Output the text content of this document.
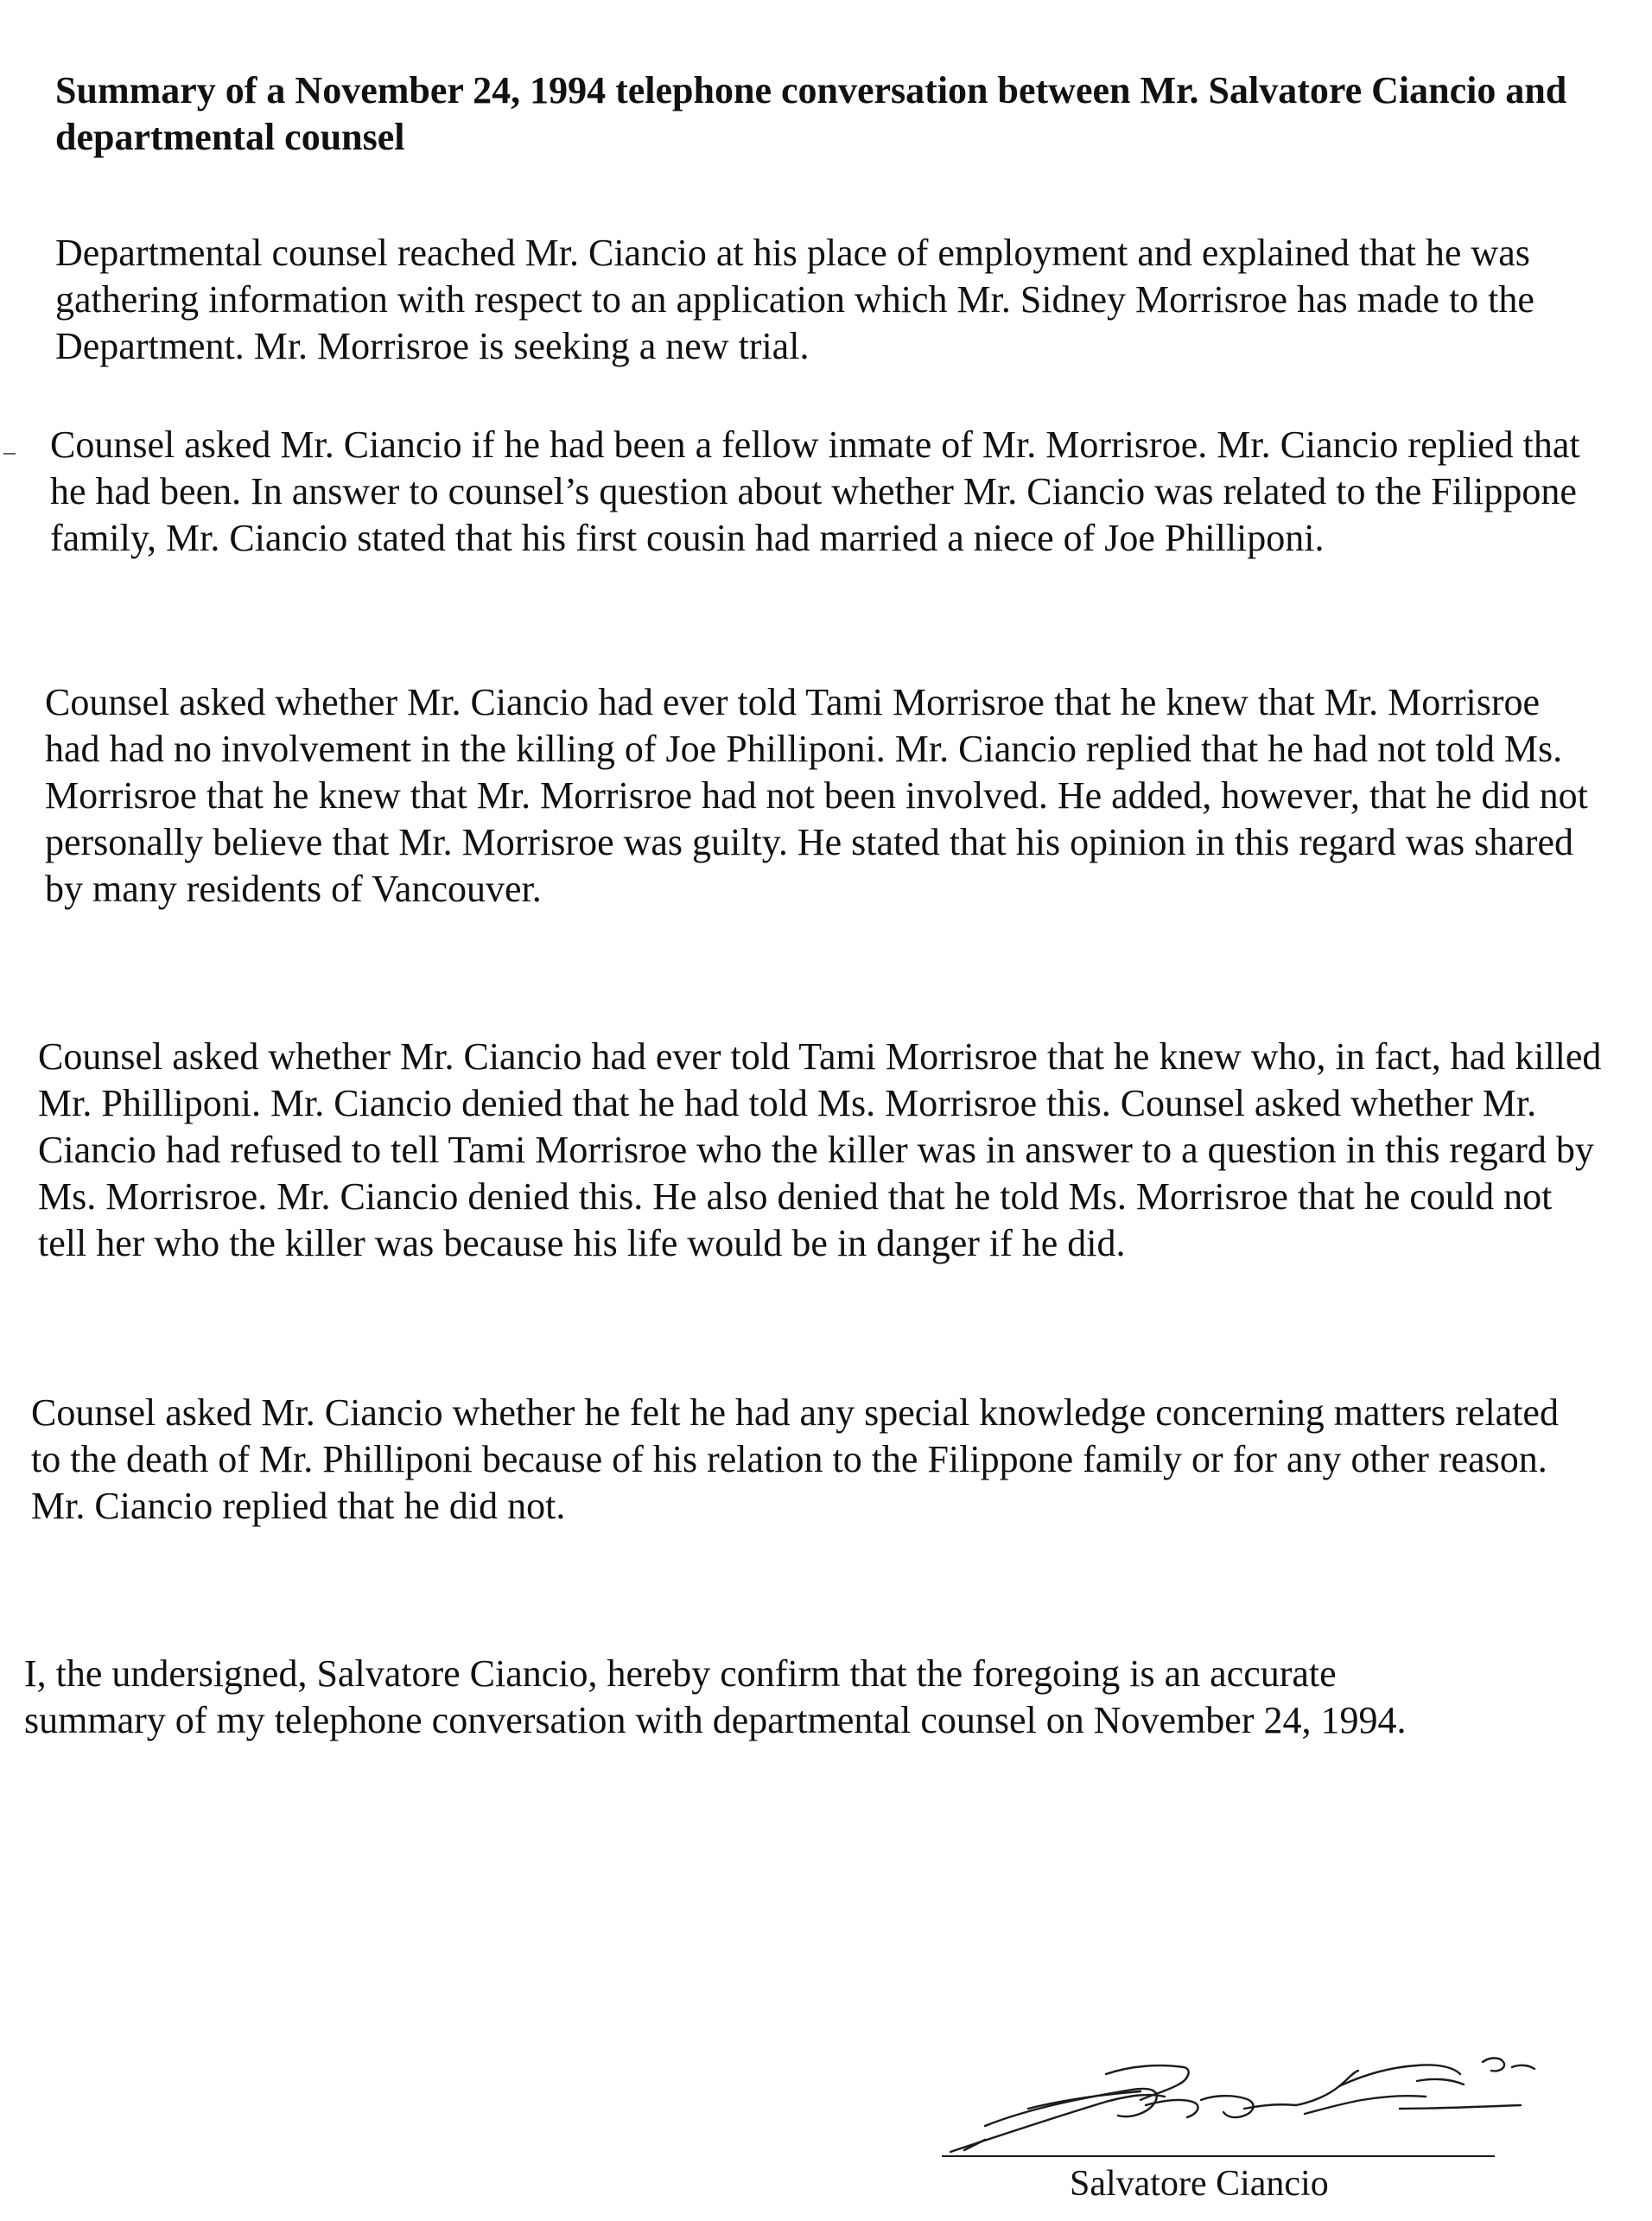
Summary of a November 24, 1994 telephone conversation between Mr. Salvatore Ciancio and departmental counsel

Departmental counsel reached Mr. Ciancio at his place of employment and explained that he was gathering information with respect to an application which Mr. Sidney Morrisroe has made to the Department. Mr. Morrisroe is seeking a new trial.

Counsel asked Mr. Ciancio if he had been a fellow inmate of Mr. Morrisroe. Mr. Ciancio replied that he had been. In answer to counsel’s question about whether Mr. Ciancio was related to the Filippone family, Mr. Ciancio stated that his first cousin had married a niece of Joe Philliponi.

Counsel asked whether Mr. Ciancio had ever told Tami Morrisroe that he knew that Mr. Morrisroe had had no involvement in the killing of Joe Philliponi. Mr. Ciancio replied that he had not told Ms. Morrisroe that he knew that Mr. Morrisroe had not been involved. He added, however, that he did not personally believe that Mr. Morrisroe was guilty. He stated that his opinion in this regard was shared by many residents of Vancouver.

Counsel asked whether Mr. Ciancio had ever told Tami Morrisroe that he knew who, in fact, had killed Mr. Philliponi. Mr. Ciancio denied that he had told Ms. Morrisroe this. Counsel asked whether Mr. Ciancio had refused to tell Tami Morrisroe who the killer was in answer to a question in this regard by Ms. Morrisroe. Mr. Ciancio denied this. He also denied that he told Ms. Morrisroe that he could not tell her who the killer was because his life would be in danger if he did.

Counsel asked Mr. Ciancio whether he felt he had any special knowledge concerning matters related to the death of Mr. Philliponi because of his relation to the Filippone family or for any other reason. Mr. Ciancio replied that he did not.

I, the undersigned, Salvatore Ciancio, hereby confirm that the foregoing is an accurate summary of my telephone conversation with departmental counsel on November 24, 1994.

Salvatore Ciancio
